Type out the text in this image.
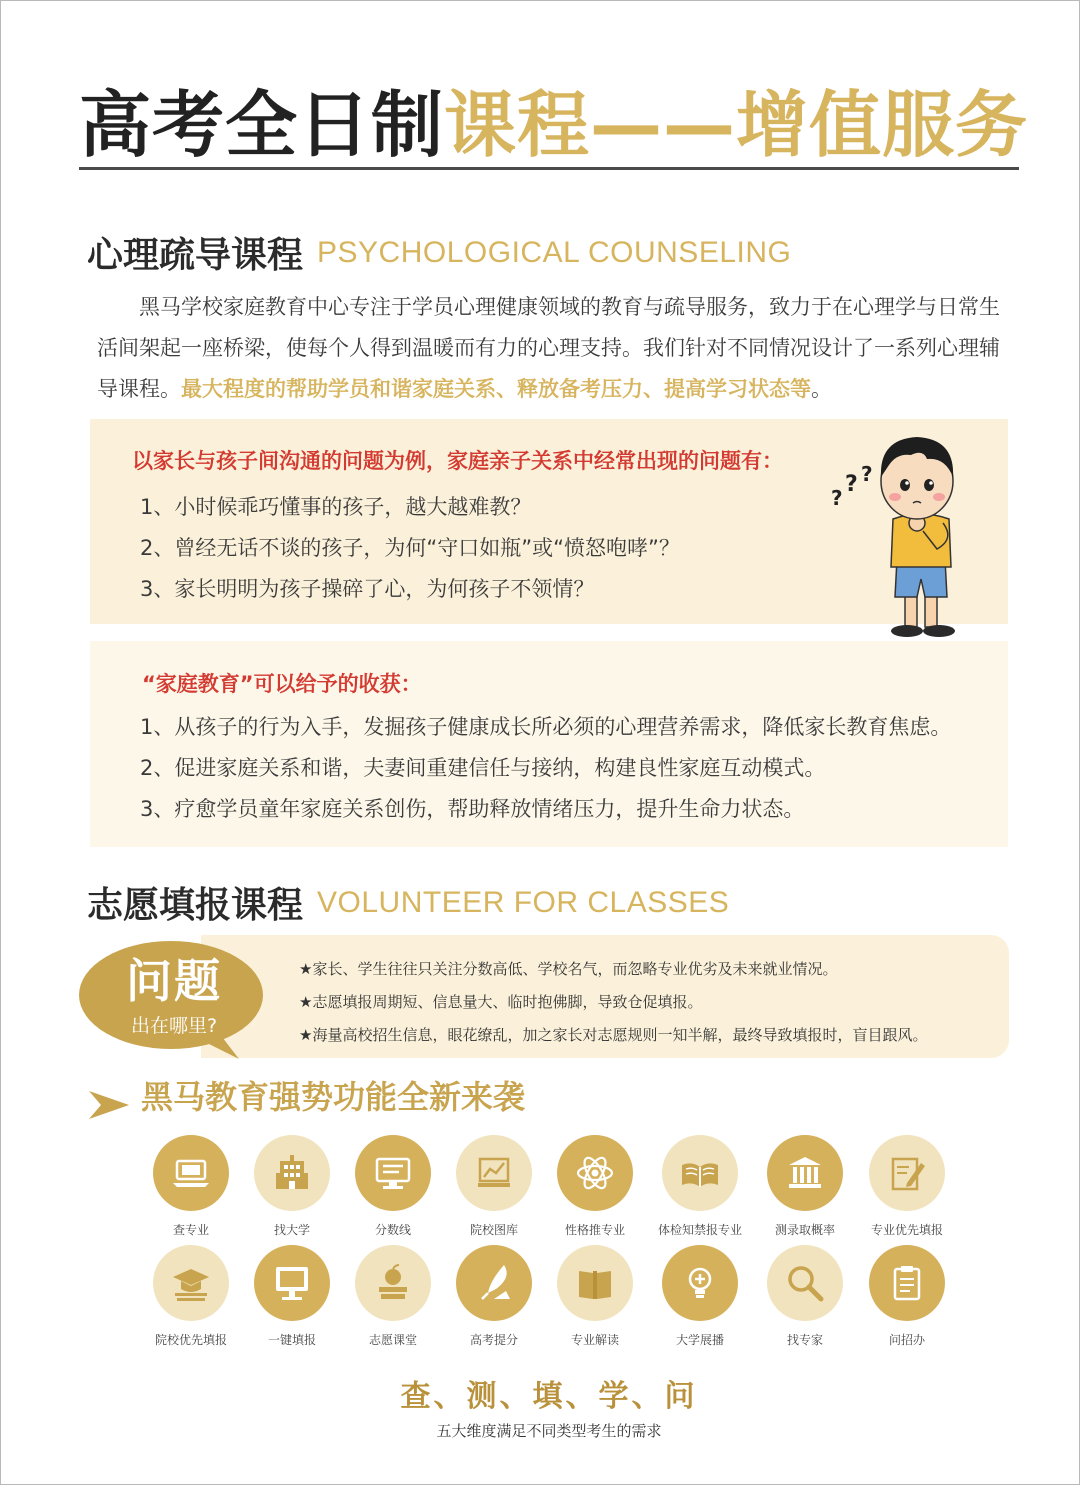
高考全日制课程——增值服务
心理疏导课程 PSYCHOLOGICAL COUNSELING

黑马学校家庭教育中心专注于学员心理健康领域的教育与疏导服务，致力于在心理学与日常生活间架起一座桥梁，使每个人得到温暖而有力的心理支持。我们针对不同情况设计了一系列心理辅导课程。最大程度的帮助学员和谐家庭关系、释放备考压力、提高学习状态等。

以家长与孩子间沟通的问题为例，家庭亲子关系中经常出现的问题有：
1、小时候乖巧懂事的孩子，越大越难教？
2、曾经无话不谈的孩子，为何“守口如瓶”或“愤怒咆哮”？
3、家长明明为孩子操碎了心，为何孩子不领情？
?
? ?
“家庭教育”可以给予的收获：
1、从孩子的行为入手，发掘孩子健康成长所必须的心理营养需求，降低家长教育焦虑。
2、促进家庭关系和谐，夫妻间重建信任与接纳，构建良性家庭互动模式。
3、疗愈学员童年家庭关系创伤，帮助释放情绪压力，提升生命力状态。
志愿填报课程 VOLUNTEER FOR CLASSES
问题
出在哪里?
★家长、学生往往只关注分数高低、学校名气，而忽略专业优劣及未来就业情况。
★志愿填报周期短、信息量大、临时抱佛脚，导致仓促填报。
★海量高校招生信息，眼花缭乱，加之家长对志愿规则一知半解，最终导致填报时，盲目跟风。
黑马教育强势功能全新来袭
查专业	找大学	分数线	院校图库	性格推专业	体检知禁报专业	测录取概率	专业优先填报
院校优先填报	一键填报	志愿课堂	高考提分	专业解读	大学展播	找专家	问招办
查、测、填、学、问
五大维度满足不同类型考生的需求
